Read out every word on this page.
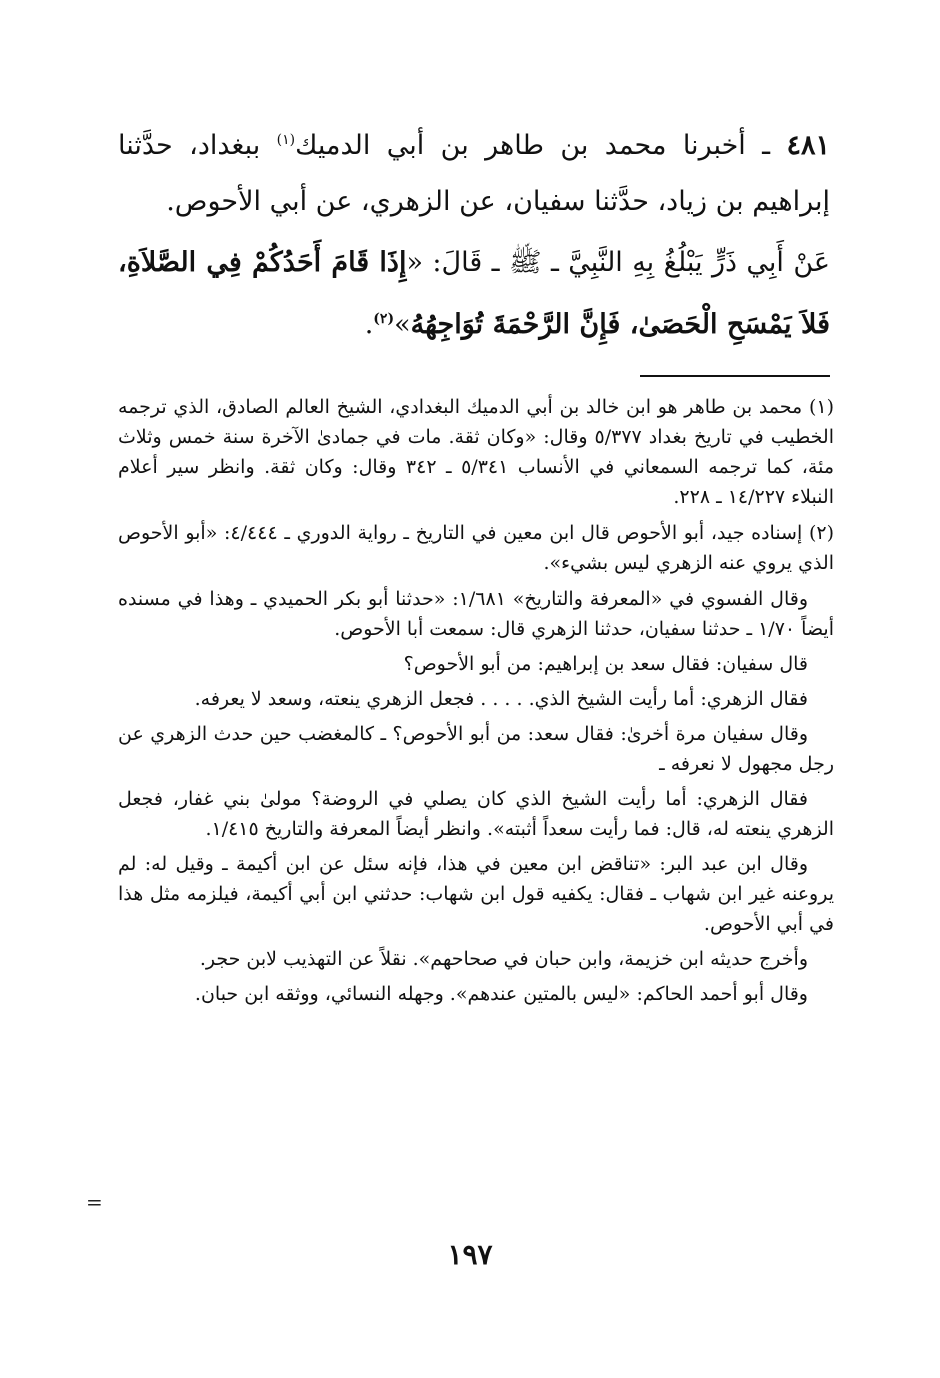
٤٨١ ـ أخبرنا محمد بن طاهر بن أبي الدميك$^{(١)}$ ببغداد، حدَّثنا إبراهيم بن زياد، حدَّثنا سفيان، عن الزهري، عن أبي الأحوص.

عَنْ أَبِي ذَرٍّ يَبْلُغُ بِهِ النَّبِيَّ ـ ﷺ ـ قَالَ: «إِذَا قَامَ أَحَدُكُمْ فِي الصَّلاَةِ، فَلاَ يَمْسَحِ الْحَصَىٰ، فَإِنَّ الرَّحْمَةَ تُوَاجِهُهُ»$^{(٢)}$.

(١) محمد بن طاهر هو ابن خالد بن أبي الدميك البغدادي، الشيخ العالم الصادق، الذي ترجمه الخطيب في تاريخ بغداد ٥/٣٧٧ وقال: «وكان ثقة. مات في جمادىٰ الآخرة سنة خمس وثلاث مئة، كما ترجمه السمعاني في الأنساب ٥/٣٤١ ـ ٣٤٢ وقال: وكان ثقة. وانظر سير أعلام النبلاء ١٤/٢٢٧ ـ ٢٢٨.

(٢) إسناده جيد، أبو الأحوص قال ابن معين في التاريخ ـ رواية الدوري ـ ٤/٤٤٤: «أبو الأحوص الذي يروي عنه الزهري ليس بشيء».

وقال الفسوي في «المعرفة والتاريخ» ١/٦٨١: «حدثنا أبو بكر الحميدي ـ وهذا في مسنده أيضاً ١/٧٠ ـ حدثنا سفيان، حدثنا الزهري قال: سمعت أبا الأحوص.

قال سفيان: فقال سعد بن إبراهيم: من أبو الأحوص؟

فقال الزهري: أما رأيت الشيخ الذي. . . . . فجعل الزهري ينعته، وسعد لا يعرفه.

وقال سفيان مرة أخرىٰ: فقال سعد: من أبو الأحوص؟ ـ كالمغضب حين حدث الزهري عن رجل مجهول لا نعرفه ـ

فقال الزهري: أما رأيت الشيخ الذي كان يصلي في الروضة؟ مولىٰ بني غفار، فجعل الزهري ينعته له، قال: فما رأيت سعداً أثبته». وانظر أيضاً المعرفة والتاريخ ١/٤١٥.

وقال ابن عبد البر: «تناقض ابن معين في هذا، فإنه سئل عن ابن أكيمة ـ وقيل له: لم يروعنه غير ابن شهاب ـ فقال: يكفيه قول ابن شهاب: حدثني ابن أبي أكيمة، فيلزمه مثل هذا في أبي الأحوص.

وأخرج حديثه ابن خزيمة، وابن حبان في صحاحهم». نقلاً عن التهذيب لابن حجر.

وقال أبو أحمد الحاكم: «ليس بالمتين عندهم». وجهله النسائي، ووثقه ابن حبان.

=
١٩٧
